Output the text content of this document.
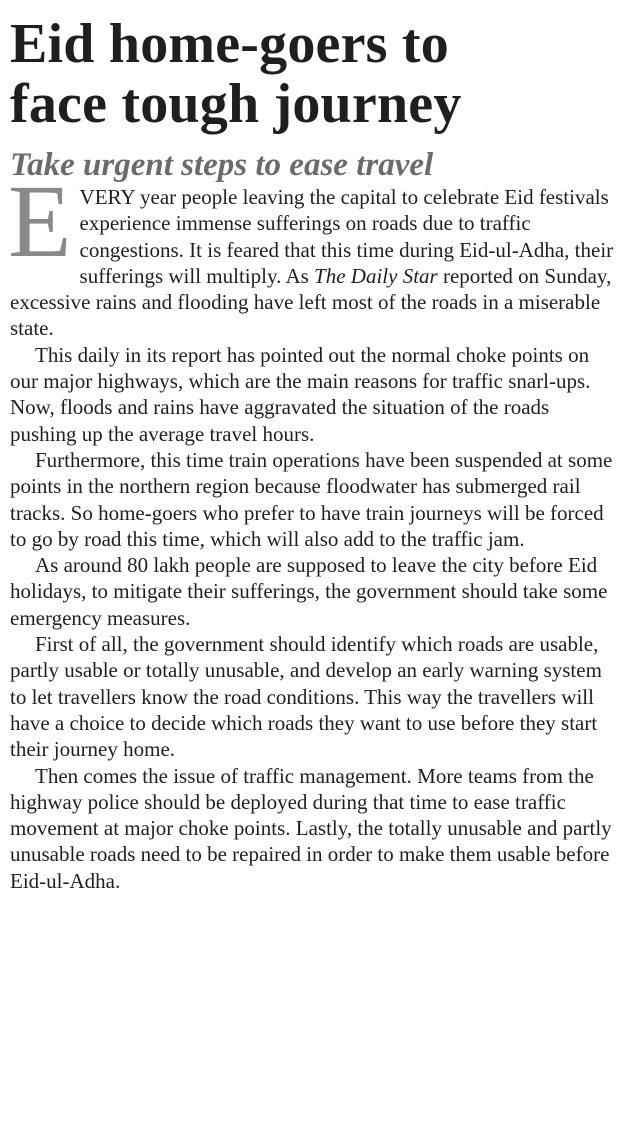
Eid home-goers to
face tough journey
Take urgent steps to ease travel

E VERY year people leaving the capital to celebrate Eid festivals experience immense sufferings on roads due to traffic congestions. It is feared that this time during Eid-ul-Adha, their sufferings will multiply. As The Daily Star reported on Sunday, excessive rains and flooding have left most of the roads in a miserable state.

This daily in its report has pointed out the normal choke points on our major highways, which are the main reasons for traffic snarl-ups. Now, floods and rains have aggravated the situation of the roads pushing up the average travel hours.

Furthermore, this time train operations have been suspended at some points in the northern region because floodwater has submerged rail tracks. So home-goers who prefer to have train journeys will be forced to go by road this time, which will also add to the traffic jam.

As around 80 lakh people are supposed to leave the city before Eid holidays, to mitigate their sufferings, the government should take some emergency measures.

First of all, the government should identify which roads are usable, partly usable or totally unusable, and develop an early warning system to let travellers know the road conditions. This way the travellers will have a choice to decide which roads they want to use before they start their journey home.

Then comes the issue of traffic management. More teams from the highway police should be deployed during that time to ease traffic movement at major choke points. Lastly, the totally unusable and partly unusable roads need to be repaired in order to make them usable before Eid-ul-Adha.
